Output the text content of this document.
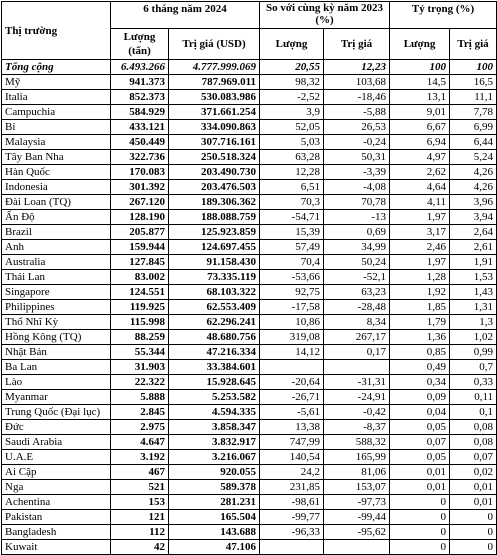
Thị trường	6 tháng năm 2024		So với cùng kỳ năm 2023 (%)		Tỷ trọng (%)	
	Lượng (tấn)	Trị giá (USD)	Lượng	Trị giá	Lượng	Trị giá
Tổng cộng	6.493.266	4.777.999.069	20,55	12,23	100	100
Mỹ	941.373	787.969.011	98,32	103,68	14,5	16,5
Italia	852.373	530.083.986	-2,52	-18,46	13,1	11,1
Campuchia	584.929	371.661.254	3,9	-5,88	9,01	7,78
Bỉ	433.121	334.090.863	52,05	26,53	6,67	6,99
Malaysia	450.449	307.716.161	5,03	-0,24	6,94	6,44
Tây Ban Nha	322.736	250.518.324	63,28	50,31	4,97	5,24
Hàn Quốc	170.083	203.490.730	12,28	-3,39	2,62	4,26
Indonesia	301.392	203.476.503	6,51	-4,08	4,64	4,26
Đài Loan (TQ)	267.120	189.306.362	70,3	70,78	4,11	3,96
Ấn Độ	128.190	188.088.759	-54,71	-13	1,97	3,94
Brazil	205.877	125.923.859	15,39	0,69	3,17	2,64
Anh	159.944	124.697.455	57,49	34,99	2,46	2,61
Australia	127.845	91.158.430	70,4	50,24	1,97	1,91
Thái Lan	83.002	73.335.119	-53,66	-52,1	1,28	1,53
Singapore	124.551	68.103.322	92,75	63,23	1,92	1,43
Philippines	119.925	62.553.409	-17,58	-28,48	1,85	1,31
Thổ Nhĩ Kỳ	115.998	62.296.241	10,86	8,34	1,79	1,3
Hồng Kông (TQ)	88.259	48.680.756	319,08	267,17	1,36	1,02
Nhật Bản	55.344	47.216.334	14,12	0,17	0,85	0,99
Ba Lan	31.903	33.384.601			0,49	0,7
Lào	22.322	15.928.645	-20,64	-31,31	0,34	0,33
Myanmar	5.888	5.253.582	-26,71	-24,91	0,09	0,11
Trung Quốc (Đại lục)	2.845	4.594.335	-5,61	-0,42	0,04	0,1
Đức	2.975	3.858.347	13,38	-8,37	0,05	0,08
Saudi Arabia	4.647	3.832.917	747,99	588,32	0,07	0,08
U.A.E	3.192	3.216.067	140,54	165,99	0,05	0,07
Ai Cập	467	920.055	24,2	81,06	0,01	0,02
Nga	521	589.378	231,85	153,07	0,01	0,01
Achentina	153	281.231	-98,61	-97,73	0	0,01
Pakistan	121	165.504	-99,77	-99,44	0	0
Bangladesh	112	143.688	-96,33	-95,62	0	0
Kuwait	42	47.106			0	0
